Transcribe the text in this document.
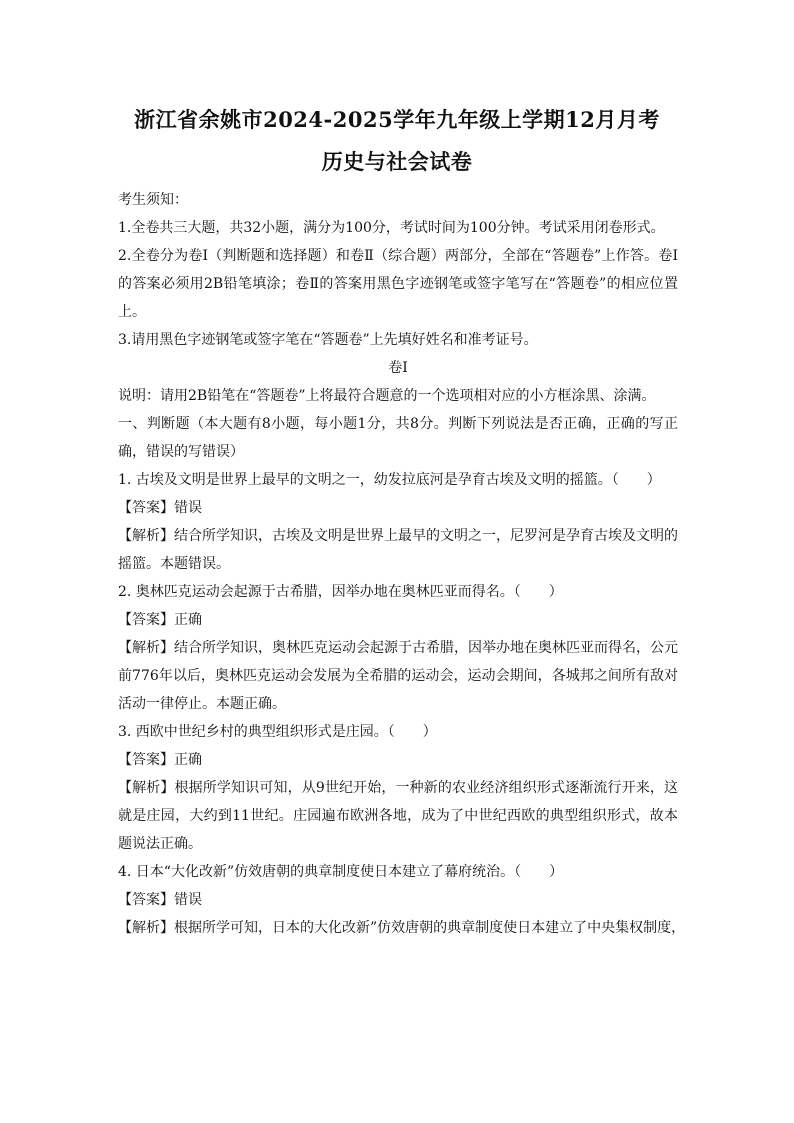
浙江省余姚市2024-2025学年九年级上学期12月月考
历史与社会试卷
考生须知：
1.全卷共三大题，共32小题，满分为100分，考试时间为100分钟。考试采用闭卷形式。
2.全卷分为卷Ⅰ（判断题和选择题）和卷Ⅱ（综合题）两部分，全部在“答题卷”上作答。卷Ⅰ的答案必须用2B铅笔填涂；卷Ⅱ的答案用黑色字迹钢笔或签字笔写在“答题卷”的相应位置上。
3.请用黑色字迹钢笔或签字笔在“答题卷”上先填好姓名和准考证号。
卷Ⅰ
说明：请用2B铅笔在“答题卷”上将最符合题意的一个选项相对应的小方框涂黑、涂满。
一、判断题（本大题有8小题，每小题1分，共8分。判断下列说法是否正确，正确的写正确，错误的写错误）
1. 古埃及文明是世界上最早的文明之一，幼发拉底河是孕育古埃及文明的摇篮。（　　）
【答案】错误
【解析】结合所学知识，古埃及文明是世界上最早的文明之一，尼罗河是孕育古埃及文明的摇篮。本题错误。
2. 奥林匹克运动会起源于古希腊，因举办地在奥林匹亚而得名。（　　）
【答案】正确
【解析】结合所学知识，奥林匹克运动会起源于古希腊，因举办地在奥林匹亚而得名，公元前776年以后，奥林匹克运动会发展为全希腊的运动会，运动会期间，各城邦之间所有敌对活动一律停止。本题正确。
3. 西欧中世纪乡村的典型组织形式是庄园。（　　）
【答案】正确
【解析】根据所学知识可知，从9世纪开始，一种新的农业经济组织形式逐渐流行开来，这就是庄园，大约到11世纪。庄园遍布欧洲各地，成为了中世纪西欧的典型组织形式，故本题说法正确。
4. 日本“大化改新”仿效唐朝的典章制度使日本建立了幕府统治。（　　）
【答案】错误
【解析】根据所学可知，日本的大化改新”仿效唐朝的典章制度使日本建立了中央集权制度，
